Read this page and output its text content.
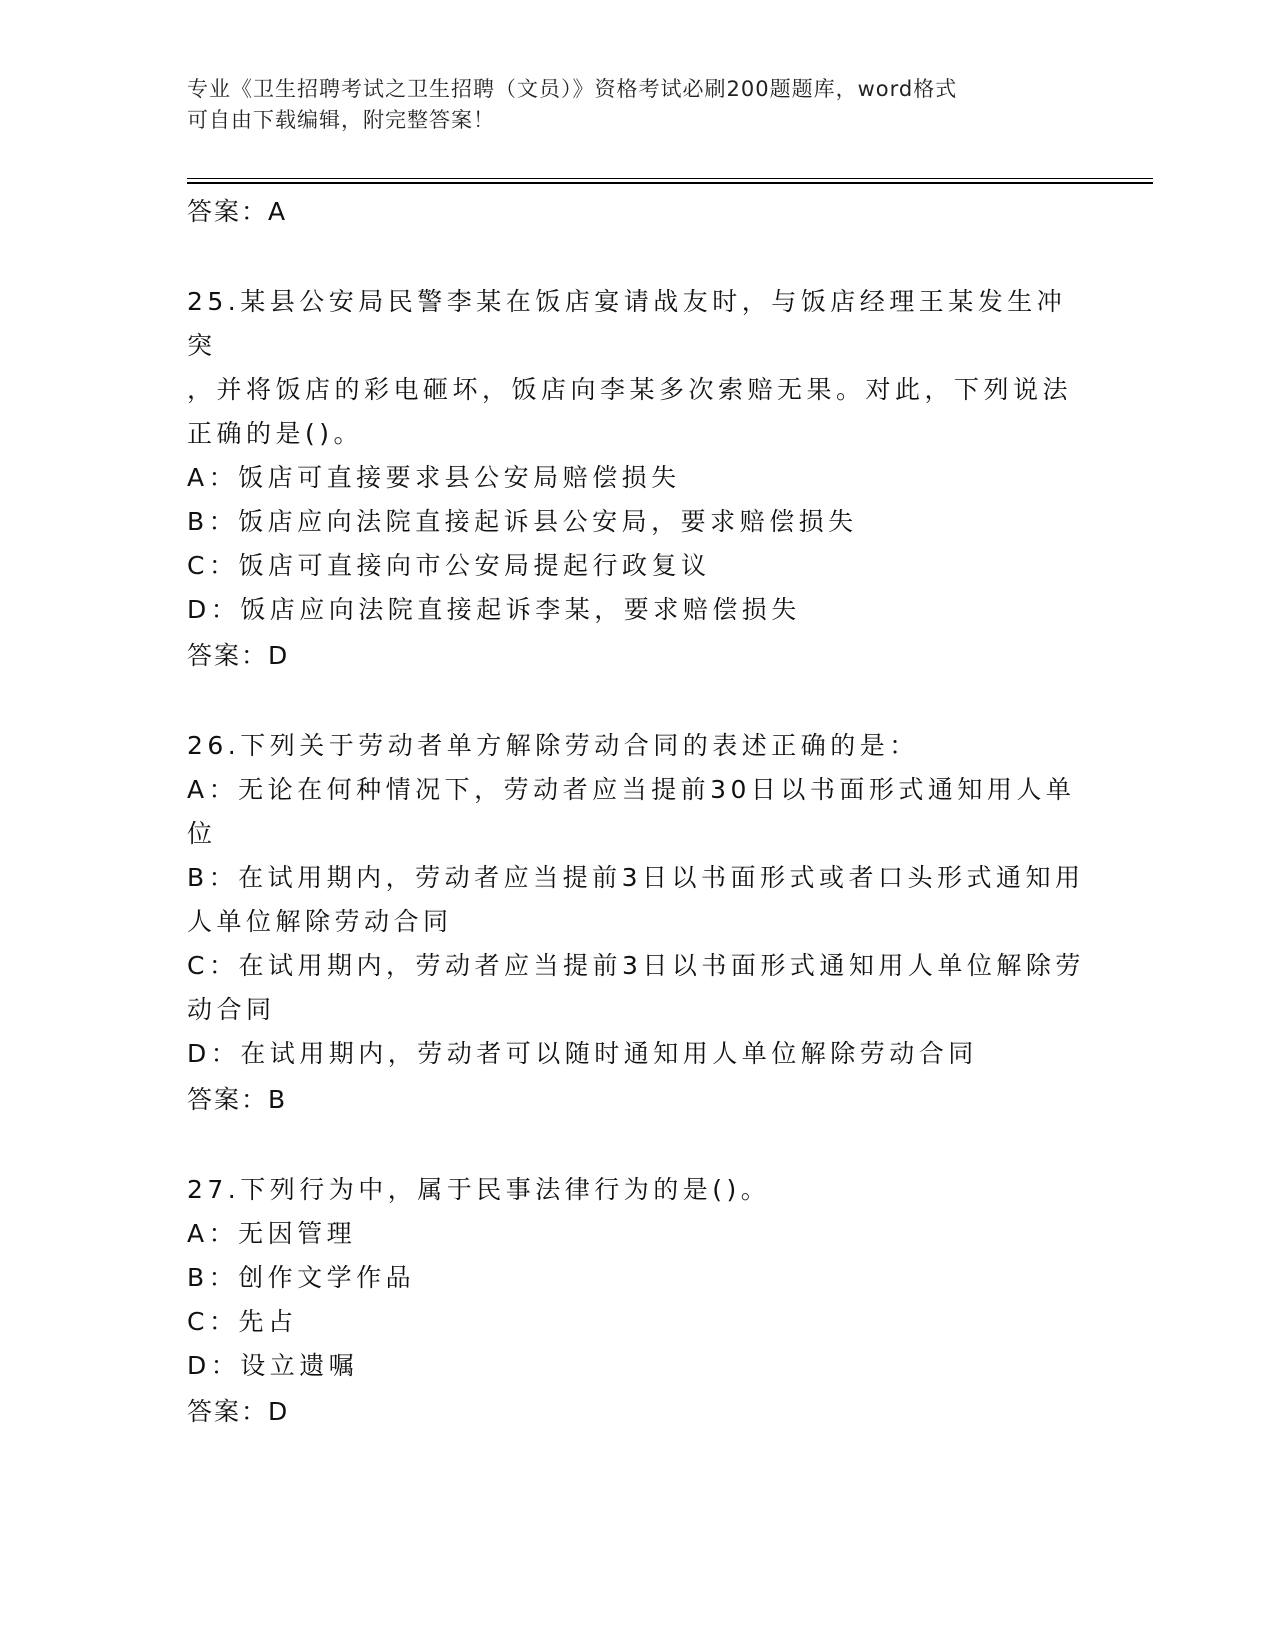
专业《卫生招聘考试之卫生招聘（文员）》资格考试必刷200题题库，word格式
可自由下载编辑，附完整答案！
答案：A
25.某县公安局民警李某在饭店宴请战友时，与饭店经理王某发生冲突
，并将饭店的彩电砸坏，饭店向李某多次索赔无果。对此，下列说法
正确的是()。
A：饭店可直接要求县公安局赔偿损失
B：饭店应向法院直接起诉县公安局，要求赔偿损失
C：饭店可直接向市公安局提起行政复议
D：饭店应向法院直接起诉李某，要求赔偿损失
答案：D
26.下列关于劳动者单方解除劳动合同的表述正确的是：
A：无论在何种情况下，劳动者应当提前30日以书面形式通知用人单
位
B：在试用期内，劳动者应当提前3日以书面形式或者口头形式通知用
人单位解除劳动合同
C：在试用期内，劳动者应当提前3日以书面形式通知用人单位解除劳
动合同
D：在试用期内，劳动者可以随时通知用人单位解除劳动合同
答案：B
27.下列行为中，属于民事法律行为的是()。
A：无因管理
B：创作文学作品
C：先占
D：设立遗嘱
答案：D
